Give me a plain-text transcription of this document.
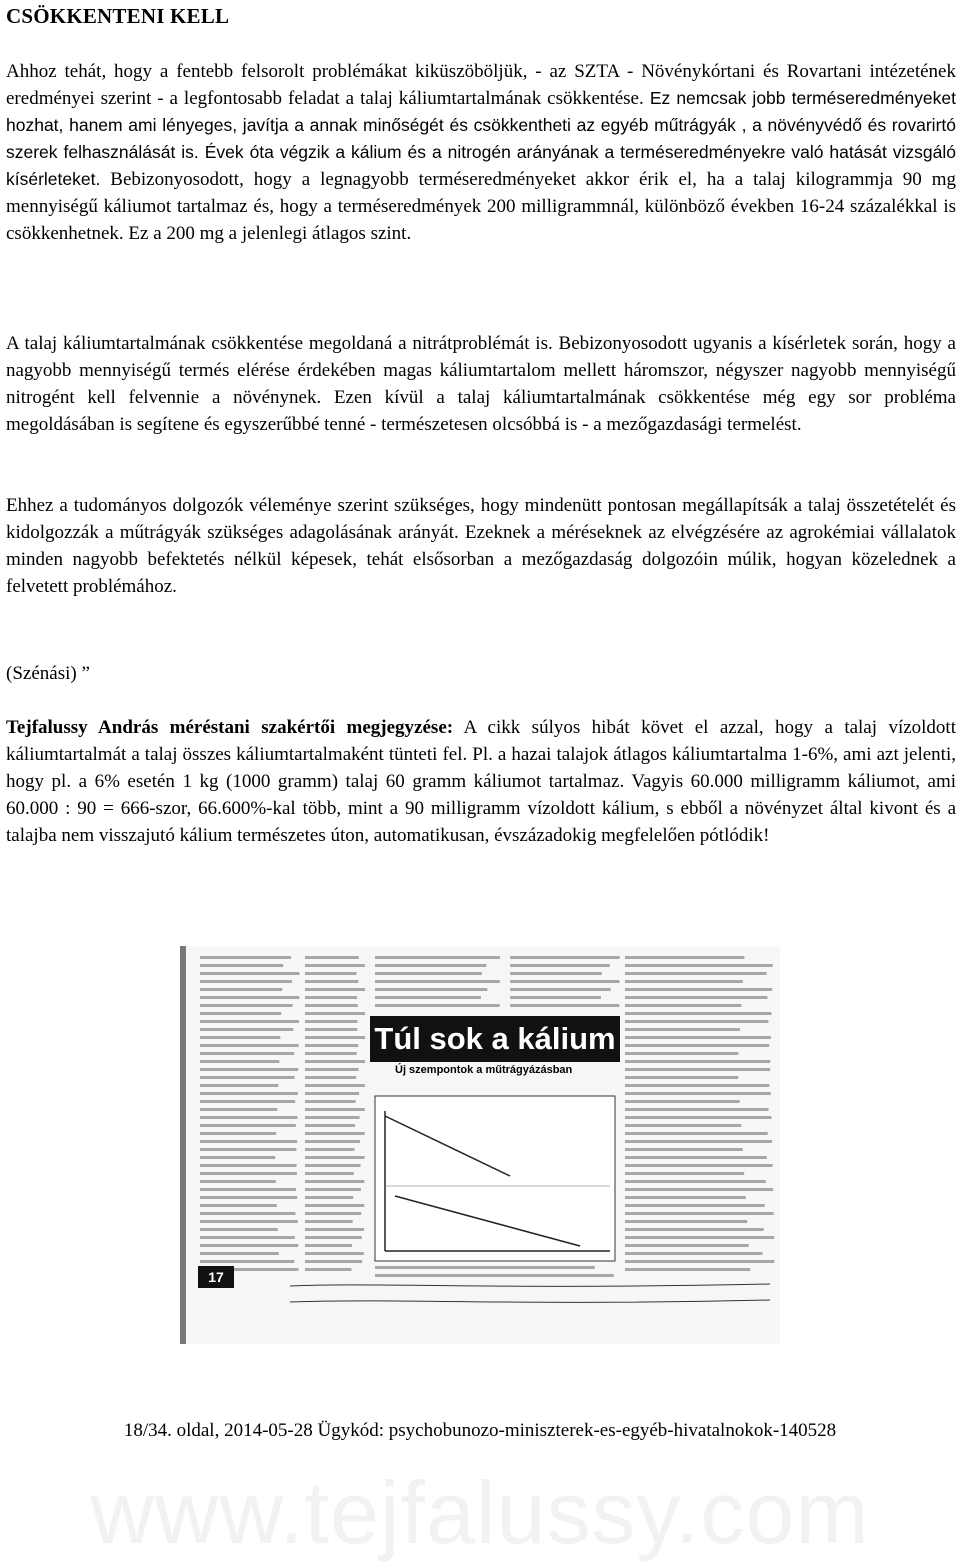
CSÖKKENTENI KELL

Ahhoz tehát, hogy a fentebb felsorolt problémákat kiküszöböljük, - az SZTA - Növénykórtani és Rovartani intézetének eredményei szerint - a legfontosabb feladat a talaj káliumtartalmának csökkentése. Ez nemcsak jobb terméseredményeket hozhat, hanem ami lényeges, javítja a annak minőségét és csökkentheti az egyéb műtrágyák , a növényvédő és rovarirtó szerek felhasználását is. Évek óta végzik a kálium és a nitrogén arányának a terméseredményekre való hatását vizsgáló kísérleteket. Bebizonyosodott, hogy a legnagyobb terméseredményeket akkor érik el, ha a talaj kilogrammja 90 mg mennyiségű káliumot tartalmaz és, hogy a terméseredmények 200 milligrammnál, különböző években 16-24 százalékkal is csökkenhetnek. Ez a 200 mg a jelenlegi átlagos szint.

A talaj káliumtartalmának csökkentése megoldaná a nitrátproblémát is. Bebizonyosodott ugyanis a kísérletek során, hogy a nagyobb mennyiségű termés elérése érdekében magas káliumtartalom mellett háromszor, négyszer nagyobb mennyiségű nitrogént kell felvennie a növénynek. Ezen kívül a talaj káliumtartalmának csökkentése még egy sor probléma megoldásában is segítene és egyszerűbbé tenné - természetesen olcsóbbá is - a mezőgazdasági termelést.

Ehhez a tudományos dolgozók véleménye szerint szükséges, hogy mindenütt pontosan megállapítsák a talaj összetételét és kidolgozzák a műtrágyák szükséges adagolásának arányát. Ezeknek a méréseknek az elvégzésére az agrokémiai vállalatok minden nagyobb befektetés nélkül képesek, tehát elsősorban a mezőgazdaság dolgozóin múlik, hogyan közelednek a felvetett problémához.

(Szénási) ”

Tejfalussy András méréstani szakértői megjegyzése: A cikk súlyos hibát követ el azzal, hogy a talaj vízoldott káliumtartalmát a talaj összes káliumtartalmaként tünteti fel. Pl. a hazai talajok átlagos káliumtartalma 1-6%, ami azt jelenti, hogy pl. a 6% esetén 1 kg (1000 gramm) talaj 60 gramm káliumot tartalmaz. Vagyis 60.000 milligramm káliumot, ami 60.000 : 90 = 666-szor, 66.600%-kal több, mint a 90 milligramm vízoldott kálium, s ebből a növényzet által kivont és a talajba nem visszajutó kálium természetes úton, automatikusan, évszázadokig megfelelően pótlódik!

Túl sok a kálium
Új szempontok a műtrágyázásban
17
18/34. oldal, 2014-05-28 Ügykód: psychobunozo-miniszterek-es-egyéb-hivatalnokok-140528
www.tejfalussy.com
